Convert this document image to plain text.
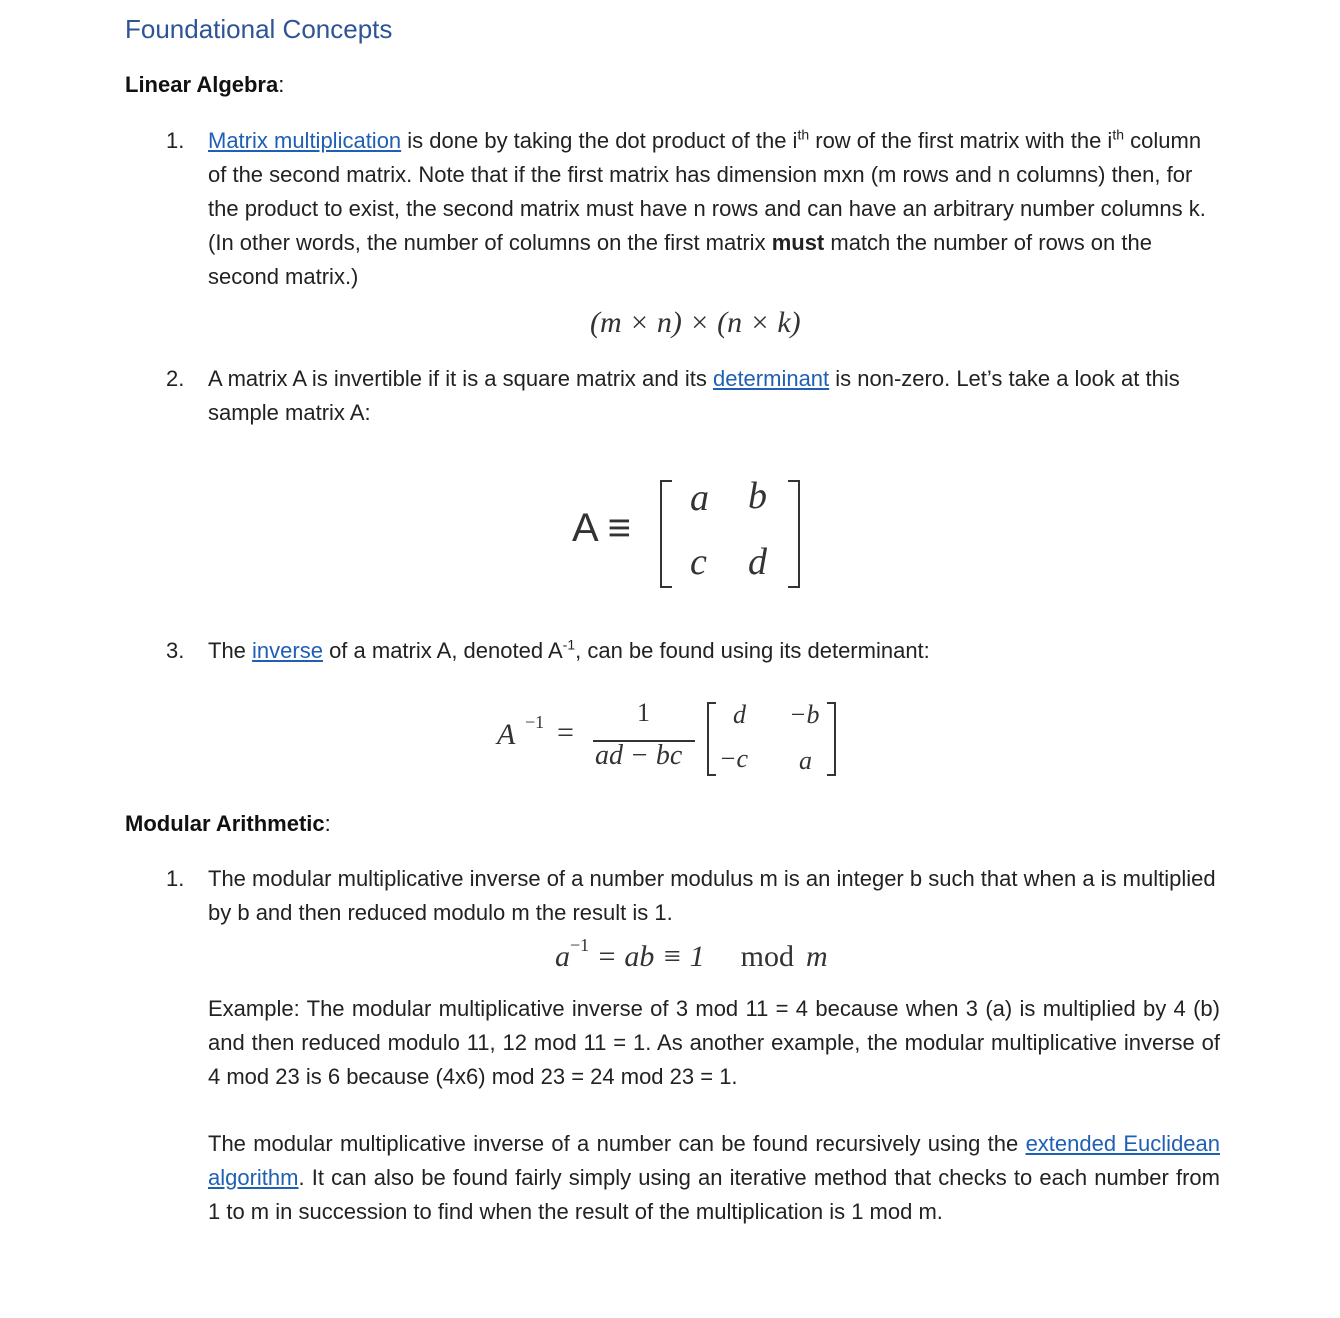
Foundational Concepts
Linear Algebra:
1. Matrix multiplication is done by taking the dot product of the $i^{th}$ row of the first matrix with the $i^{th}$ column of the second matrix. Note that if the first matrix has dimension mxn (m rows and n columns) then, for the product to exist, the second matrix must have n rows and can have an arbitrary number columns k. (In other words, the number of columns on the first matrix must match the number of rows on the second matrix.)
(m × n) × (n × k)
2. A matrix A is invertible if it is a square matrix and its determinant is non-zero. Let’s take a look at this sample matrix A:
A ≡
a b
c d
3. The inverse of a matrix A, denoted $A^{-1}$, can be found using its determinant:
A −1 =
1
ad − bc
d −b
−c a
Modular Arithmetic:
1. The modular multiplicative inverse of a number modulus m is an integer b such that when a is multiplied by b and then reduced modulo m the result is 1.
$a^{-1}$ = ab ≡ 1 mod m
Example: The modular multiplicative inverse of 3 mod 11 = 4 because when 3 (a) is multiplied by 4 (b) and then reduced modulo 11, 12 mod 11 = 1. As another example, the modular multiplicative inverse of 4 mod 23 is 6 because (4x6) mod 23 = 24 mod 23 = 1.
The modular multiplicative inverse of a number can be found recursively using the extended Euclidean algorithm. It can also be found fairly simply using an iterative method that checks to each number from 1 to m in succession to find when the result of the multiplication is 1 mod m.
